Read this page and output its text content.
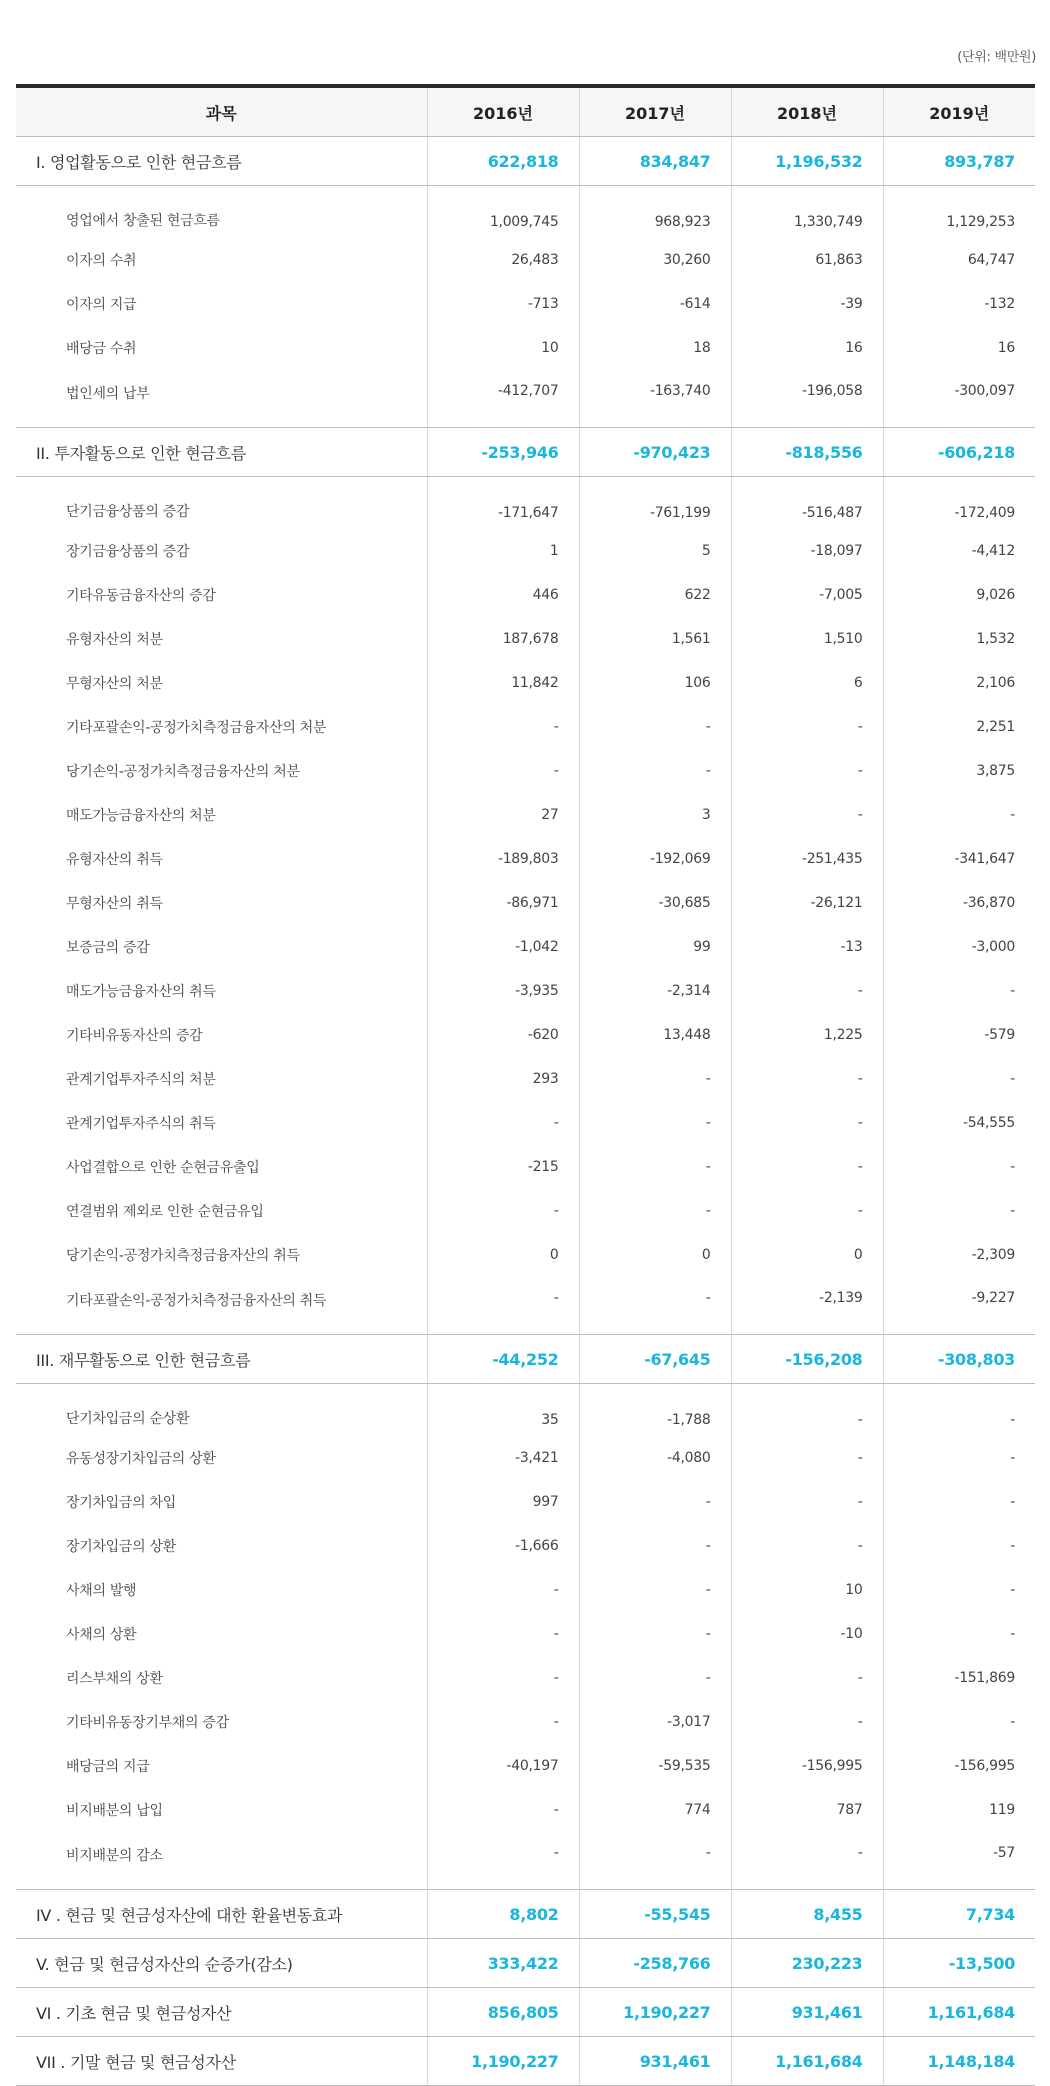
(단위: 백만원)
과목	2016년	2017년	2018년	2019년
I. 영업활동으로 인한 현금흐름	622,818	834,847	1,196,532	893,787
영업에서 창출된 현금흐름	1,009,745	968,923	1,330,749	1,129,253
이자의 수취	26,483	30,260	61,863	64,747
이자의 지급	-713	-614	-39	-132
배당금 수취	10	18	16	16
법인세의 납부	-412,707	-163,740	-196,058	-300,097
II. 투자활동으로 인한 현금흐름	-253,946	-970,423	-818,556	-606,218
단기금융상품의 증감	-171,647	-761,199	-516,487	-172,409
장기금융상품의 증감	1	5	-18,097	-4,412
기타유동금융자산의 증감	446	622	-7,005	9,026
유형자산의 처분	187,678	1,561	1,510	1,532
무형자산의 처분	11,842	106	6	2,106
기타포괄손익-공정가치측정금융자산의 처분	-	-	-	2,251
당기손익-공정가치측정금융자산의 처분	-	-	-	3,875
매도가능금융자산의 처분	27	3	-	-
유형자산의 취득	-189,803	-192,069	-251,435	-341,647
무형자산의 취득	-86,971	-30,685	-26,121	-36,870
보증금의 증감	-1,042	99	-13	-3,000
매도가능금융자산의 취득	-3,935	-2,314	-	-
기타비유동자산의 증감	-620	13,448	1,225	-579
관계기업투자주식의 처분	293	-	-	-
관계기업투자주식의 취득	-	-	-	-54,555
사업결합으로 인한 순현금유출입	-215	-	-	-
연결범위 제외로 인한 순현금유입	-	-	-	-
당기손익-공정가치측정금융자산의 취득	0	0	0	-2,309
기타포괄손익-공정가치측정금융자산의 취득	-	-	-2,139	-9,227
III. 재무활동으로 인한 현금흐름	-44,252	-67,645	-156,208	-308,803
단기차입금의 순상환	35	-1,788	-	-
유동성장기차입금의 상환	-3,421	-4,080	-	-
장기차입금의 차입	997	-	-	-
장기차입금의 상환	-1,666	-	-	-
사채의 발행	-	-	10	-
사채의 상환	-	-	-10	-
리스부채의 상환	-	-	-	-151,869
기타비유동장기부채의 증감	-	-3,017	-	-
배당금의 지급	-40,197	-59,535	-156,995	-156,995
비지배분의 납입	-	774	787	119
비지배분의 감소	-	-	-	-57
IV . 현금 및 현금성자산에 대한 환율변동효과	8,802	-55,545	8,455	7,734
V. 현금 및 현금성자산의 순증가(감소)	333,422	-258,766	230,223	-13,500
VI . 기초 현금 및 현금성자산	856,805	1,190,227	931,461	1,161,684
VII . 기말 현금 및 현금성자산	1,190,227	931,461	1,161,684	1,148,184
